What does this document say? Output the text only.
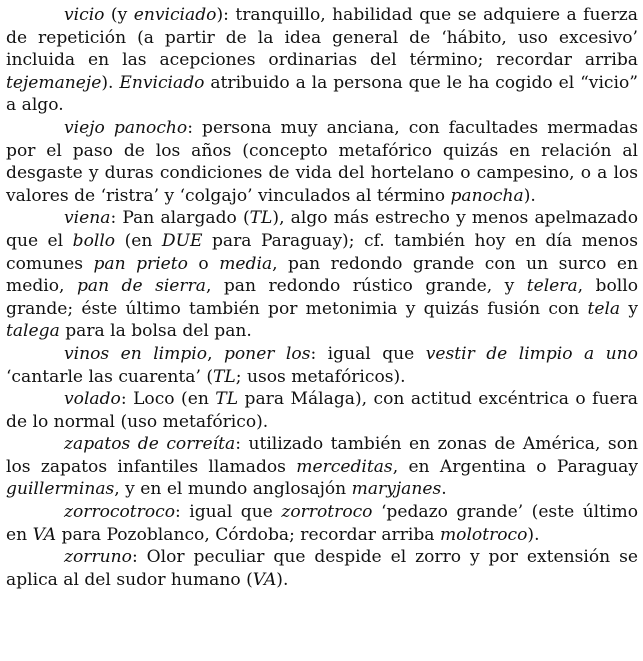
vicio (y enviciado): tranquillo, habilidad que se adquiere a fuerza de repetición (a partir de la idea general de ‘hábito, uso excesivo’ incluida en las acepciones ordinarias del término; recordar arriba tejemaneje). Enviciado atribuido a la persona que le ha cogido el “vicio” a algo.

viejo panocho: persona muy anciana, con facultades mermadas por el paso de los años (concepto metafórico quizás en relación al desgaste y duras condiciones de vida del hortelano o campesino, o a los valores de ‘ristra’ y ‘colgajo’ vinculados al término panocha).

viena: Pan alargado (TL), algo más estrecho y menos apelmazado que el bollo (en DUE para Paraguay); cf. también hoy en día menos comunes pan prieto o media, pan redondo grande con un surco en medio, pan de sierra, pan redondo rústico grande, y telera, bollo grande; éste último también por metonimia y quizás fusión con tela y talega para la bolsa del pan.

vinos en limpio, poner los: igual que vestir de limpio a uno ‘cantarle las cuarenta’ (TL; usos metafóricos).

volado: Loco (en TL para Málaga), con actitud excéntrica o fuera de lo normal (uso metafórico).

zapatos de correíta: utilizado también en zonas de América, son los zapatos infantiles llamados merceditas, en Argentina o Paraguay guillerminas, y en el mundo anglosajón maryjanes.

zorrocotroco: igual que zorrotroco ‘pedazo grande’ (este último en VA para Pozoblanco, Córdoba; recordar arriba molotroco).

zorruno: Olor peculiar que despide el zorro y por extensión se aplica al del sudor humano (VA).
